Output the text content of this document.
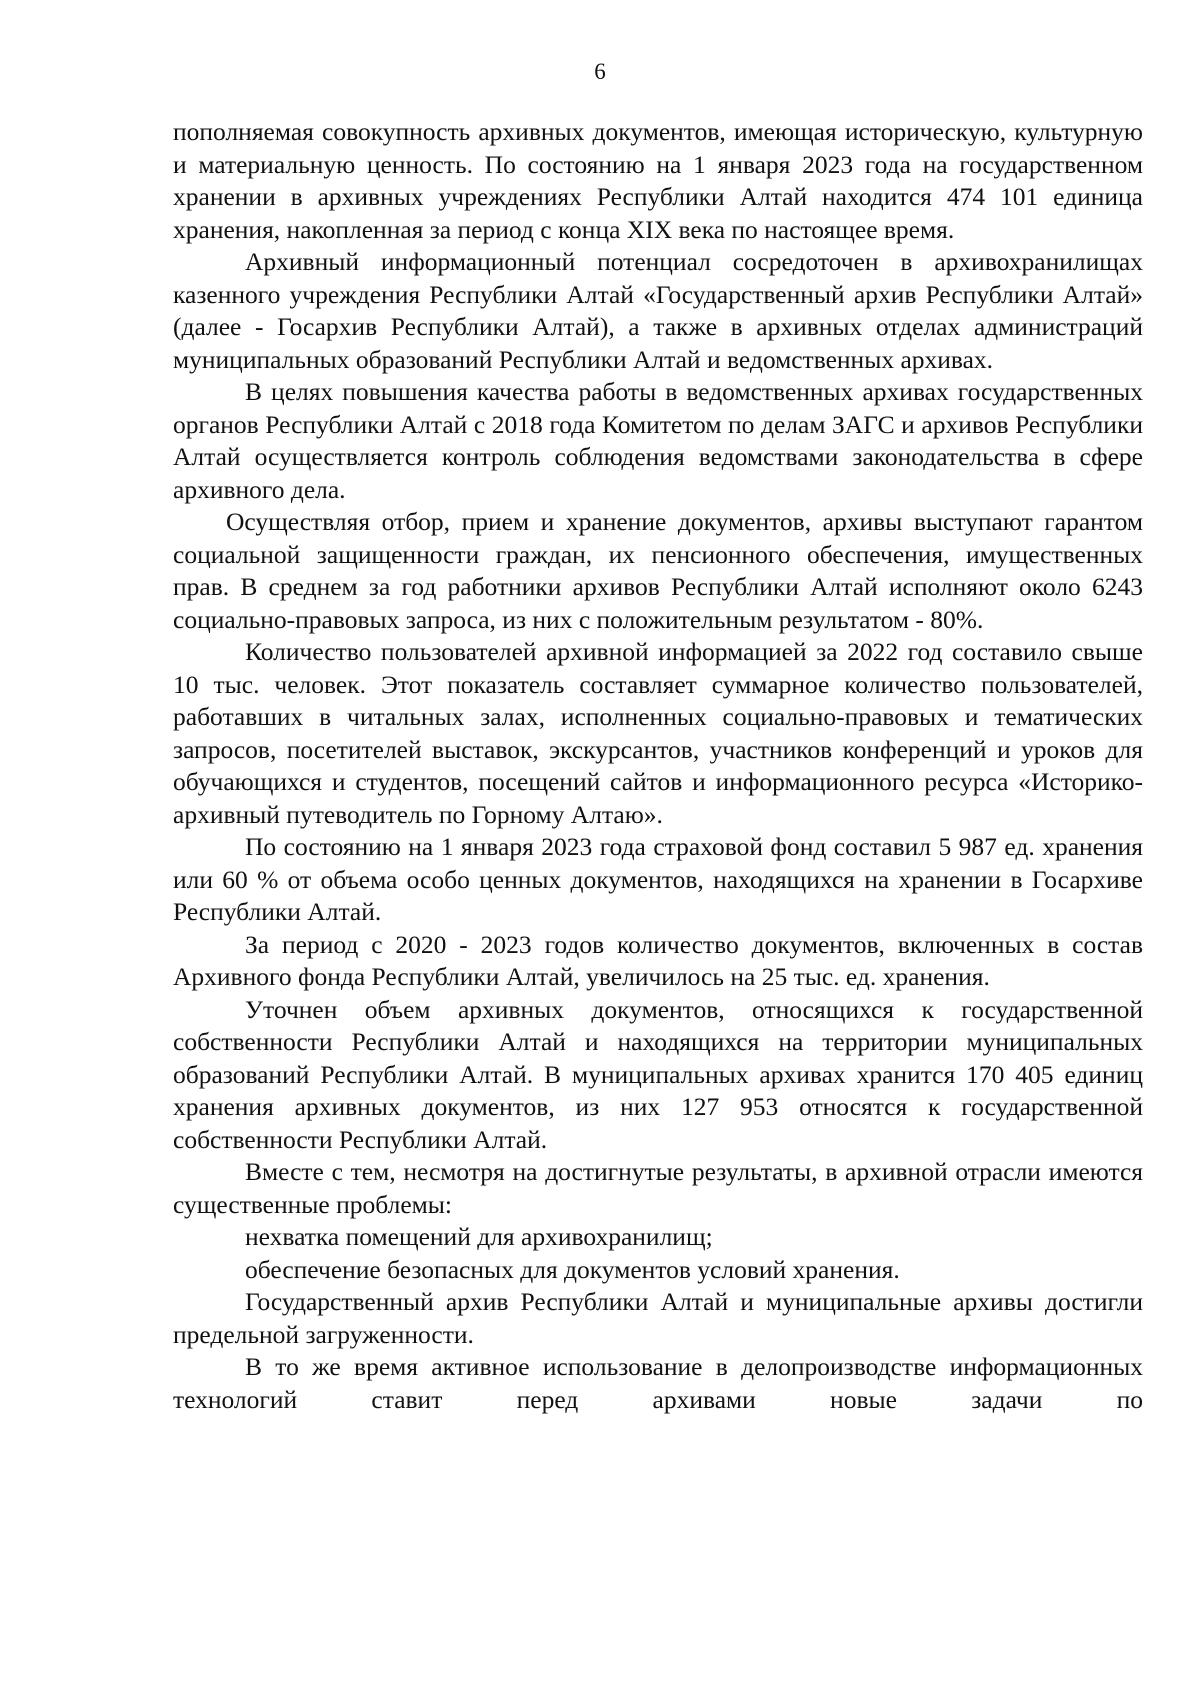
6

пополняемая совокупность архивных документов, имеющая историческую, культурную и материальную ценность. По состоянию на 1 января 2023 года на государственном хранении в архивных учреждениях Республики Алтай находится 474 101 единица хранения, накопленная за период с конца XIX века по настоящее время.

Архивный информационный потенциал сосредоточен в архивохранилищах казенного учреждения Республики Алтай «Государственный архив Республики Алтай» (далее - Госархив Республики Алтай), а также в архивных отделах администраций муниципальных образований Республики Алтай и ведомственных архивах.

В целях повышения качества работы в ведомственных архивах государственных органов Республики Алтай с 2018 года Комитетом по делам ЗАГС и архивов Республики Алтай осуществляется контроль соблюдения ведомствами законодательства в сфере архивного дела.

Осуществляя отбор, прием и хранение документов, архивы выступают гарантом социальной защищенности граждан, их пенсионного обеспечения, имущественных прав. В среднем за год работники архивов Республики Алтай исполняют около 6243 социально-правовых запроса, из них с положительным результатом - 80%.

Количество пользователей архивной информацией за 2022 год составило свыше 10 тыс. человек. Этот показатель составляет суммарное количество пользователей, работавших в читальных залах, исполненных социально-правовых и тематических запросов, посетителей выставок, экскурсантов, участников конференций и уроков для обучающихся и студентов, посещений сайтов и информационного ресурса «Историко-архивный путеводитель по Горному Алтаю».

По состоянию на 1 января 2023 года страховой фонд составил 5 987 ед. хранения или 60 % от объема особо ценных документов, находящихся на хранении в Госархиве Республики Алтай.

За период с 2020 - 2023 годов количество документов, включенных в состав Архивного фонда Республики Алтай, увеличилось на 25 тыс. ед. хранения.

Уточнен объем архивных документов, относящихся к государственной собственности Республики Алтай и находящихся на территории муниципальных образований Республики Алтай. В муниципальных архивах хранится 170 405 единиц хранения архивных документов, из них 127 953 относятся к государственной собственности Республики Алтай.

Вместе с тем, несмотря на достигнутые результаты, в архивной отрасли имеются существенные проблемы:

нехватка помещений для архивохранилищ;

обеспечение безопасных для документов условий хранения.

Государственный архив Республики Алтай и муниципальные архивы достигли предельной загруженности.

В то же время активное использование в делопроизводстве информационных технологий ставит перед архивами новые задачи по
